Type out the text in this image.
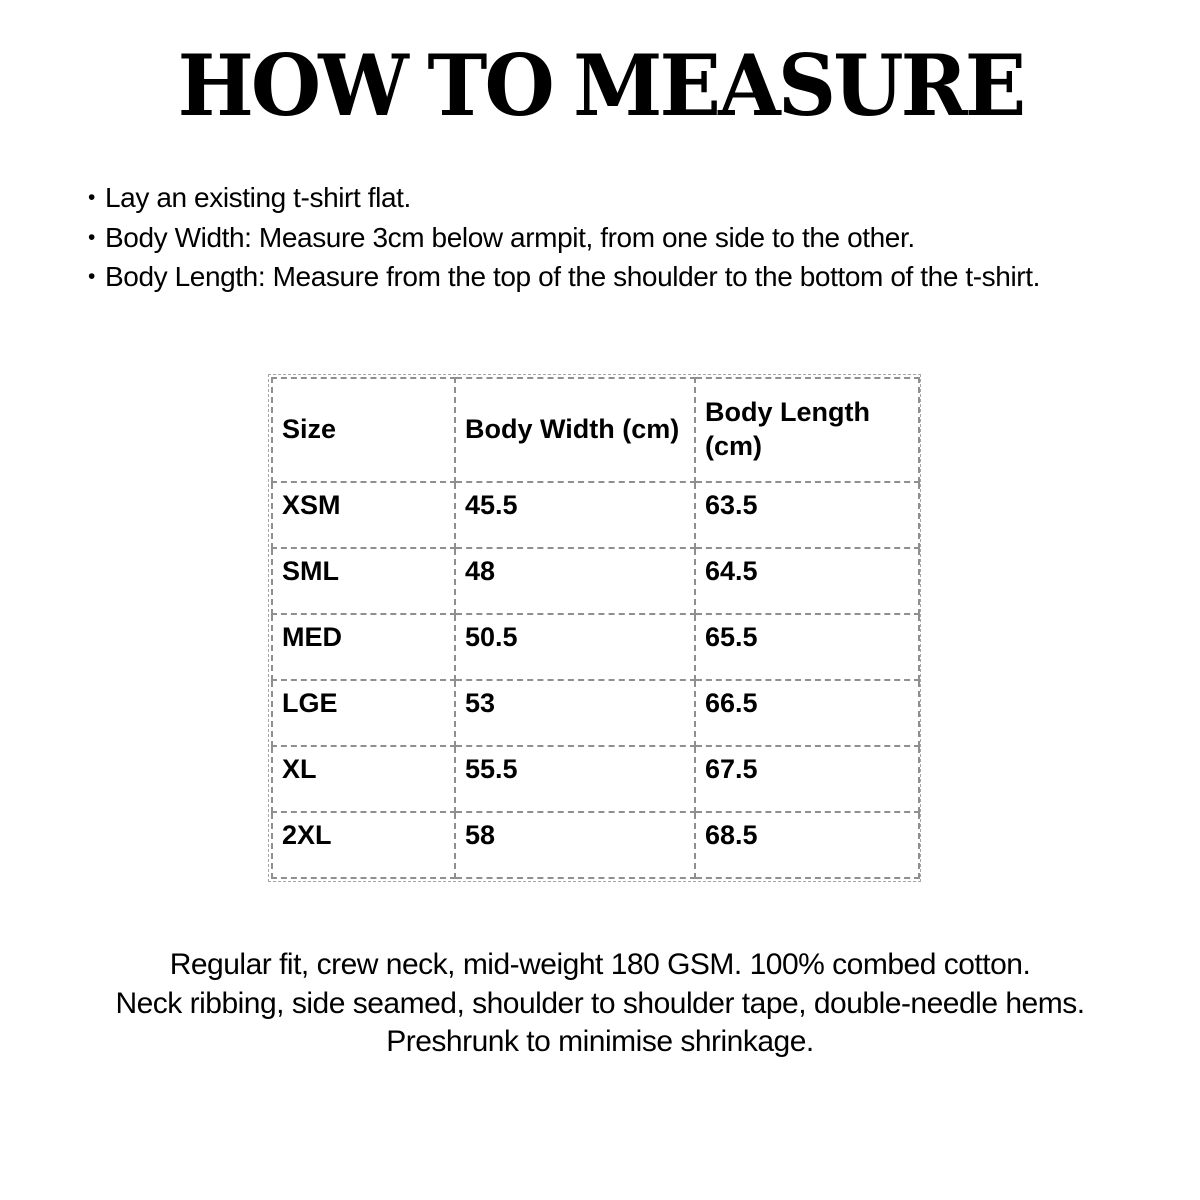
HOW TO MEASURE
• Lay an existing t-shirt flat.
• Body Width: Measure 3cm below armpit, from one side to the other.
• Body Length: Measure from the top of the shoulder to the bottom of the t-shirt.
Size	Body Width (cm)	Body Length (cm)
XSM	45.5	63.5
SML	48	64.5
MED	50.5	65.5
LGE	53	66.5
XL	55.5	67.5
2XL	58	68.5
Regular fit, crew neck, mid-weight 180 GSM. 100% combed cotton.
Neck ribbing, side seamed, shoulder to shoulder tape, double-needle hems.
Preshrunk to minimise shrinkage.
